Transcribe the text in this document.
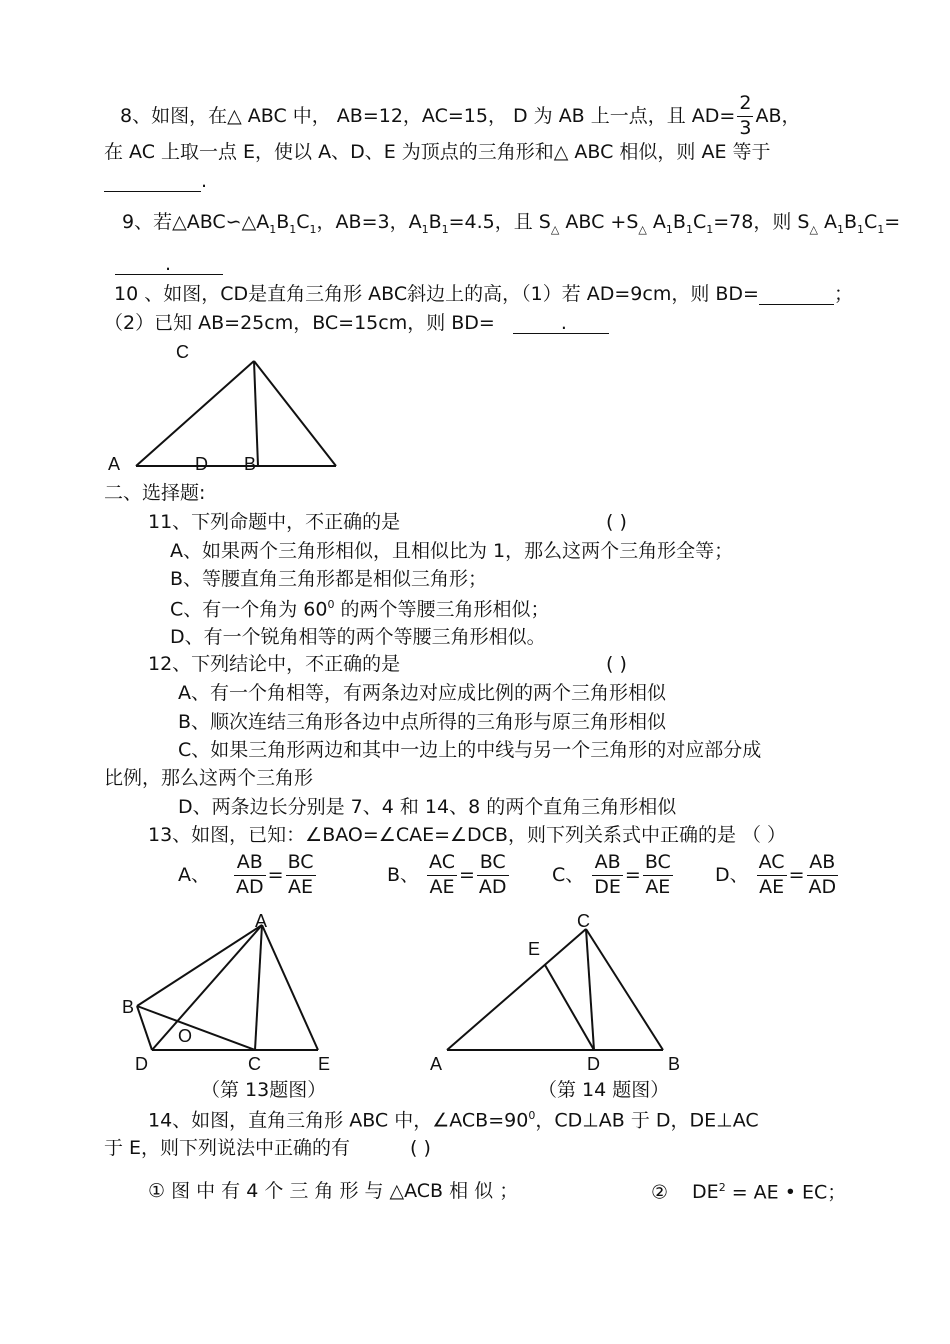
8、如图，在△ ABC 中， AB=12，AC=15， D 为 AB 上一点，且 $AD= \frac{2}{3}$ AB，
在 AC 上取一点 E，使以 A、D、E 为顶点的三角形和△ ABC 相似，则 AE 等于
.
9、若$\triangle ABC∽\triangle A_1B_1C_1$，AB=3，$A_1B_1=4.5$，且 $S_\triangle$ ABC $+S_\triangle$ $A_1B_1C_1=78$，则 $S_\triangle$ $A_1B_1C_1=$
.
10 、如图，CD是直角三角形 ABC斜边上的高，（1）若 AD=9cm，则 BD=	；
（2）已知 AB=25cm，BC=15cm，则 BD=	.
C
A	D B
二、选择题:
11、下列命题中，不正确的是	( )
A、如果两个三角形相似，且相似比为 1，那么这两个三角形全等；
B、等腰直角三角形都是相似三角形；
C、有一个角为 $60^0$ 的两个等腰三角形相似；
D、有一个锐角相等的两个等腰三角形相似。
12、下列结论中，不正确的是	( )
A、有一个角相等，有两条边对应成比例的两个三角形相似
B、顺次连结三角形各边中点所得的三角形与原三角形相似
C、如果三角形两边和其中一边上的中线与另一个三角形的对应部分成
比例，那么这两个三角形
D、两条边长分别是 7、4 和 14、8 的两个直角三角形相似
13、如图，已知：∠BAO=∠CAE=∠DCB，则下列关系式中正确的是 （ ）
A、 $\frac{AB}{AD} = \frac{BC}{AE}$	B、 $\frac{AC}{AE} = \frac{BC}{AD}$ C、 $\frac{AB}{DE} = \frac{BC}{AE}$ D、 $\frac{AC}{AE} = \frac{AB}{AD}$
A
B
O
D	C	E
（第 13题图）
C
E
A	D	B
（第 14 题图）
14、如图，直角三角形 ABC 中，$\angle ACB=90^0$，CD⊥AB 于 D，DE⊥AC
于 E，则下列说法中正确的有	( )
① 图 中 有 4 个 三 角 形 与 △ACB 相 似 ；	② $DE^2$ = AE • EC；
